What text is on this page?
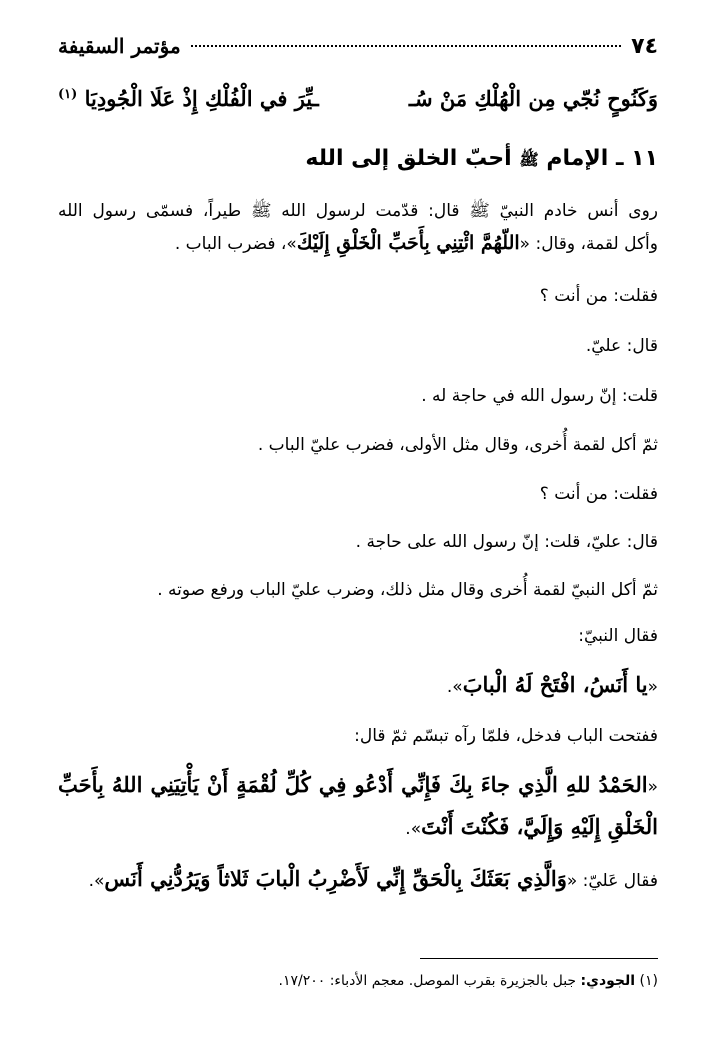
٧٤
مؤتمر السقيفة
وَكَنُوحٍ نُجّي مِن الْهُلْكِ مَنْ سُـ
ـيِّرَ في الْفُلْكِ إِذْ عَلَا الْجُودِيَا $^{(١)}$
١١ ـ الإمام ﷺ أحبّ الخلق إلى الله
روى أنس خادم النبيّ ﷺ قال: قدّمت لرسول الله ﷺ طيراً، فسمّى رسول الله
وأكل لقمة، وقال: «اللّهُمَّ ائْتِنِي بِأَحَبِّ الْخَلْقِ إِلَيْكَ»، فضرب الباب .
فقلت: من أنت ؟
قال: عليّ.
قلت: إنّ رسول الله في حاجة له .
ثمّ أكل لقمة أُخرى، وقال مثل الأولى، فضرب عليّ الباب .
فقلت: من أنت ؟
قال: عليّ، قلت: إنّ رسول الله على حاجة .
ثمّ أكل النبيّ لقمة أُخرى وقال مثل ذلك، وضرب عليّ الباب ورفع صوته .
فقال النبيّ:
«يا أَنَسُ، افْتَحْ لَهُ الْبابَ».
ففتحت الباب فدخل، فلمّا رآه تبسّم ثمّ قال:
«الحَمْدُ للهِ الَّذِي جاءَ بِكَ فَإِنِّي أَدْعُو فِي كُلِّ لُقْمَةٍ أَنْ يَأْتِيَنِي اللهُ بِأَحَبِّ
الْخَلْقِ إِلَيْهِ وَإِلَيَّ، فَكُنْتَ أَنْتَ».
فقال عَليّ: «وَالَّذِي بَعَثَكَ بِالْحَقِّ إِنِّي لَأَضْرِبُ الْبابَ ثَلاثاً وَيَرُدُّنِي أَنَس».
(١) الجودي: جبل بالجزيرة بقرب الموصل. معجم الأدباء: ١٧/٢٠٠.
